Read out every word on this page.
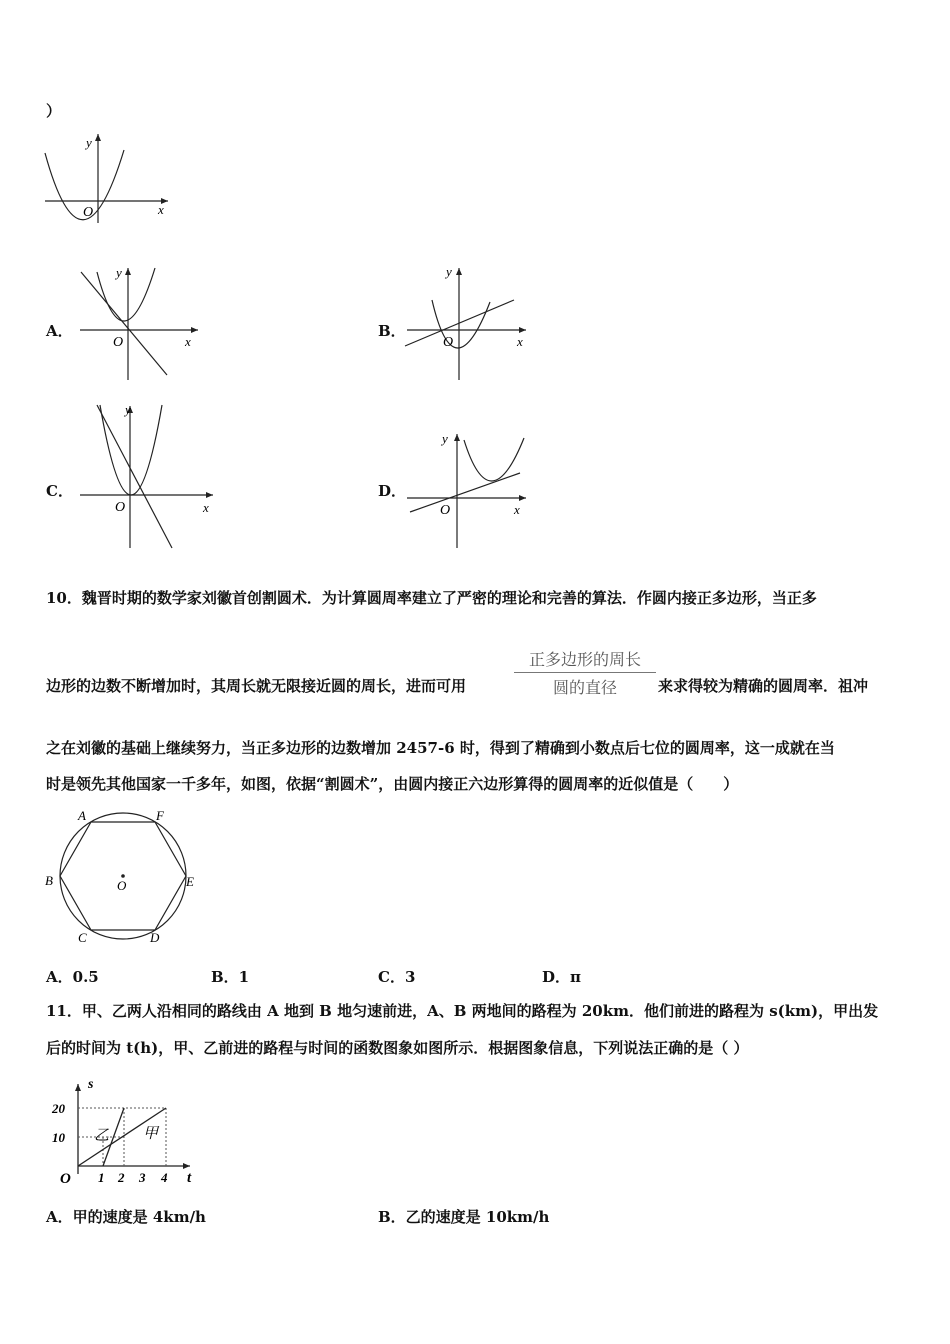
）
y
x
O
A．
y
x
O
B．
y
x
O
C．
y
x
O
D．
y
x
O
10．魏晋时期的数学家刘徽首创割圆术．为计算圆周率建立了严密的理论和完善的算法．作圆内接正多边形，当正多
边形的边数不断增加时，其周长就无限接近圆的周长，进而可用
正多边形的周长
圆的直径	来求得较为精确的圆周率．祖冲
之在刘徽的基础上继续努力，当正多边形的边数增加 2457-6 时，得到了精确到小数点后七位的圆周率，这一成就在当
时是领先其他国家一千多年，如图，依据“割圆术”，由圆内接正六边形算得的圆周率的近似值是（　　）
A	F
B	O	E
C	D
A．0.5	B．1	C．3	D．π
11．甲、乙两人沿相同的路线由 A 地到 B 地匀速前进，A、B 两地间的路程为 20km．他们前进的路程为 s(km)，甲出发
后的时间为 t(h)，甲、乙前进的路程与时间的函数图象如图所示．根据图象信息，下列说法正确的是（ ）
s
t
O
20
10
1 2 3 4
乙 甲
A．甲的速度是 4km/h	B．乙的速度是 10km/h
